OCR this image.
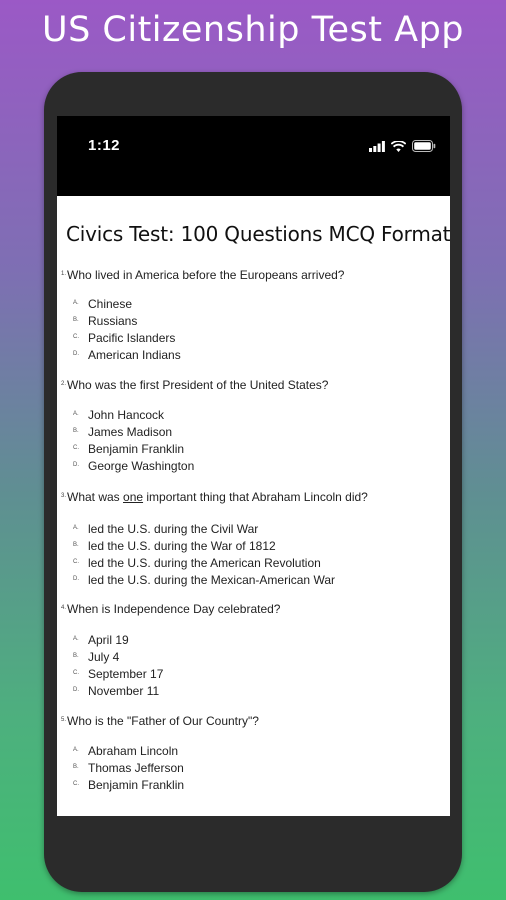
US Citizenship Test App
1:12
Civics Test: 100 Questions MCQ Format
1. Who lived in America before the Europeans arrived?
A. Chinese
B. Russians
C. Pacific Islanders
D. American Indians
2. Who was the first President of the United States?
A. John Hancock
B. James Madison
C. Benjamin Franklin
D. George Washington
3. What was one important thing that Abraham Lincoln did?
A. led the U.S. during the Civil War
B. led the U.S. during the War of 1812
C. led the U.S. during the American Revolution
D. led the U.S. during the Mexican-American War
4. When is Independence Day celebrated?
A. April 19
B. July 4
C. September 17
D. November 11
5. Who is the "Father of Our Country"?
A. Abraham Lincoln
B. Thomas Jefferson
C. Benjamin Franklin
